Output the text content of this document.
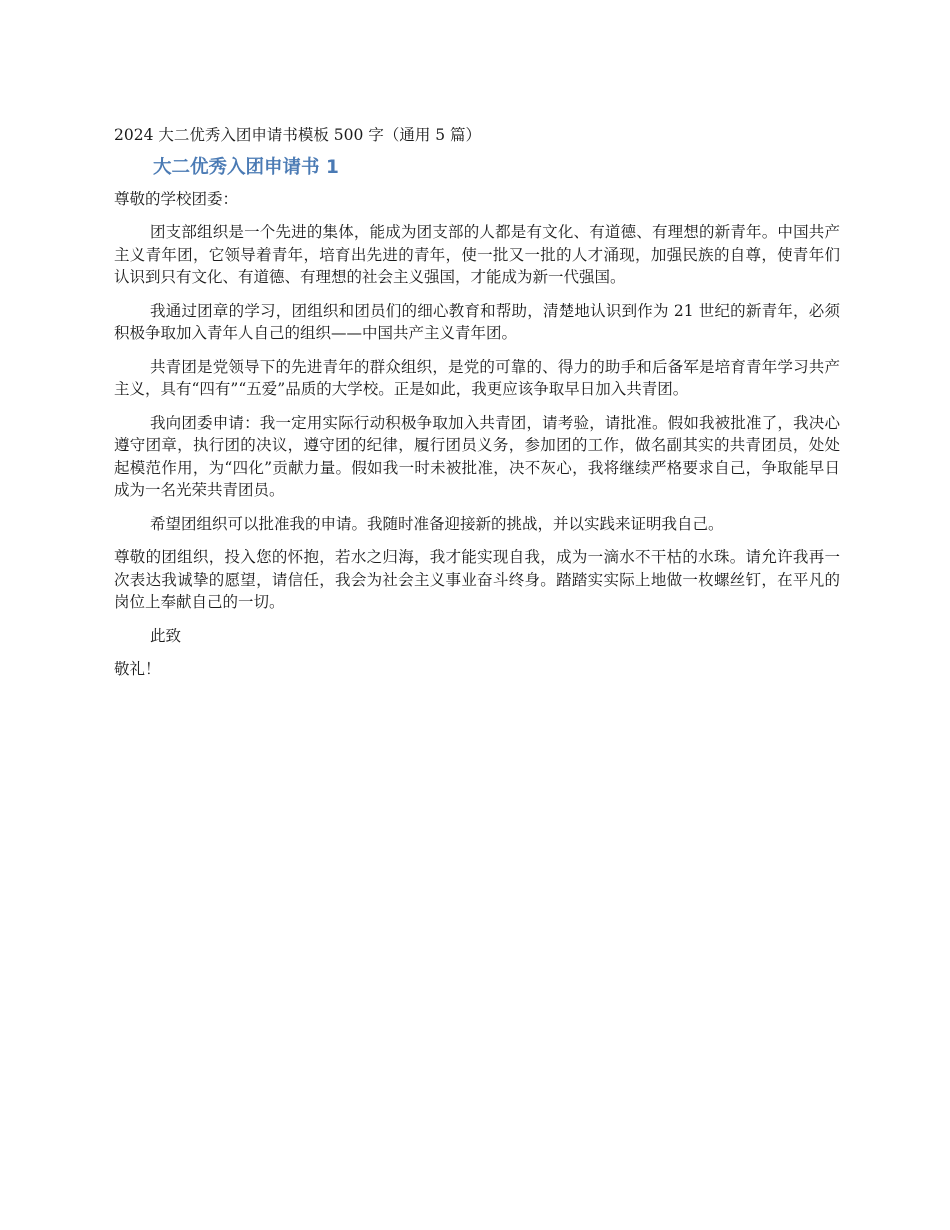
2024 大二优秀入团申请书模板 500 字（通用 5 篇）

大二优秀入团申请书 1

尊敬的学校团委：

团支部组织是一个先进的集体，能成为团支部的人都是有文化、有道德、有理想的新青年。中国共产主义青年团，它领导着青年，培育出先进的青年，使一批又一批的人才涌现，加强民族的自尊，使青年们认识到只有文化、有道德、有理想的社会主义强国，才能成为新一代强国。

我通过团章的学习，团组织和团员们的细心教育和帮助，清楚地认识到作为 21 世纪的新青年，必须积极争取加入青年人自己的组织——中国共产主义青年团。

共青团是党领导下的先进青年的群众组织，是党的可靠的、得力的助手和后备军是培育青年学习共产主义，具有“四有”“五爱”品质的大学校。正是如此，我更应该争取早日加入共青团。

我向团委申请：我一定用实际行动积极争取加入共青团，请考验，请批准。假如我被批准了，我决心遵守团章，执行团的决议，遵守团的纪律，履行团员义务，参加团的工作，做名副其实的共青团员，处处起模范作用，为“四化”贡献力量。假如我一时未被批准，决不灰心，我将继续严格要求自己，争取能早日成为一名光荣共青团员。

希望团组织可以批准我的申请。我随时准备迎接新的挑战，并以实践来证明我自己。

尊敬的团组织，投入您的怀抱，若水之归海，我才能实现自我，成为一滴水不干枯的水珠。请允许我再一次表达我诚挚的愿望，请信任，我会为社会主义事业奋斗终身。踏踏实实际上地做一枚螺丝钉，在平凡的岗位上奉献自己的一切。

此致

敬礼！
